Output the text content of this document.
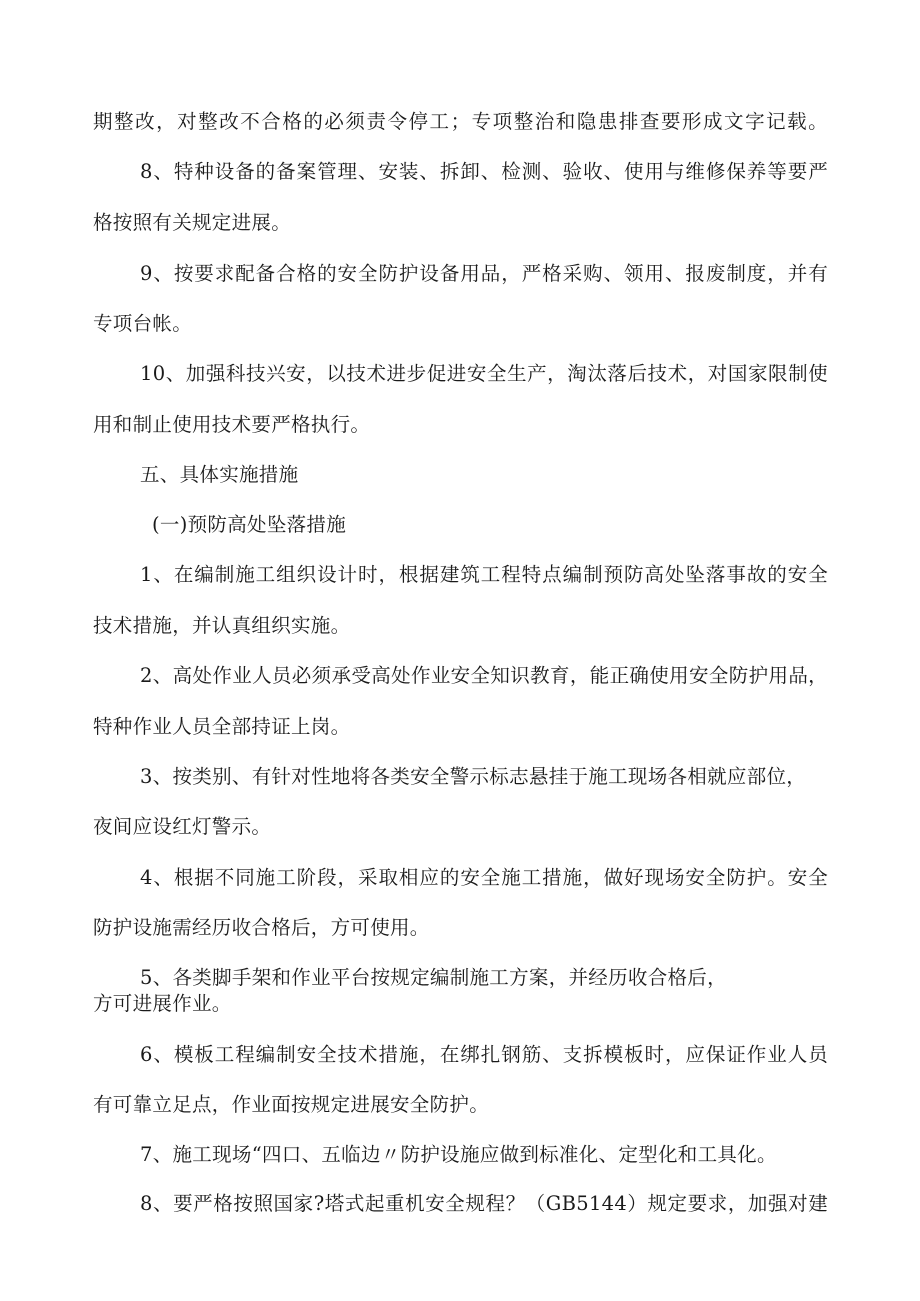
期整改，对整改不合格的必须责令停工；专项整治和隐患排查要形成文字记载。
8、特种设备的备案管理、安装、拆卸、检测、验收、使用与维修保养等要严
格按照有关规定进展。
9、按要求配备合格的安全防护设备用品，严格采购、领用、报废制度，并有
专项台帐。
10、加强科技兴安，以技术进步促进安全生产，淘汰落后技术，对国家限制使
用和制止使用技术要严格执行。
五、具体实施措施
(一)预防高处坠落措施
1、在编制施工组织设计时，根据建筑工程特点编制预防高处坠落事故的安全
技术措施，并认真组织实施。
2、高处作业人员必须承受高处作业安全知识教育，能正确使用安全防护用品，
特种作业人员全部持证上岗。
3、按类别、有针对性地将各类安全警示标志悬挂于施工现场各相就应部位，
夜间应设红灯警示。
4、根据不同施工阶段，采取相应的安全施工措施，做好现场安全防护。安全
防护设施需经历收合格后，方可使用。
5、各类脚手架和作业平台按规定编制施工方案，并经历收合格后，
方可进展作业。
6、模板工程编制安全技术措施，在绑扎钢筋、支拆模板时，应保证作业人员
有可靠立足点，作业面按规定进展安全防护。
7、施工现场“四口、五临边〃防护设施应做到标准化、定型化和工具化。
8、要严格按照国家?塔式起重机安全规程？（GB5144）规定要求，加强对建
